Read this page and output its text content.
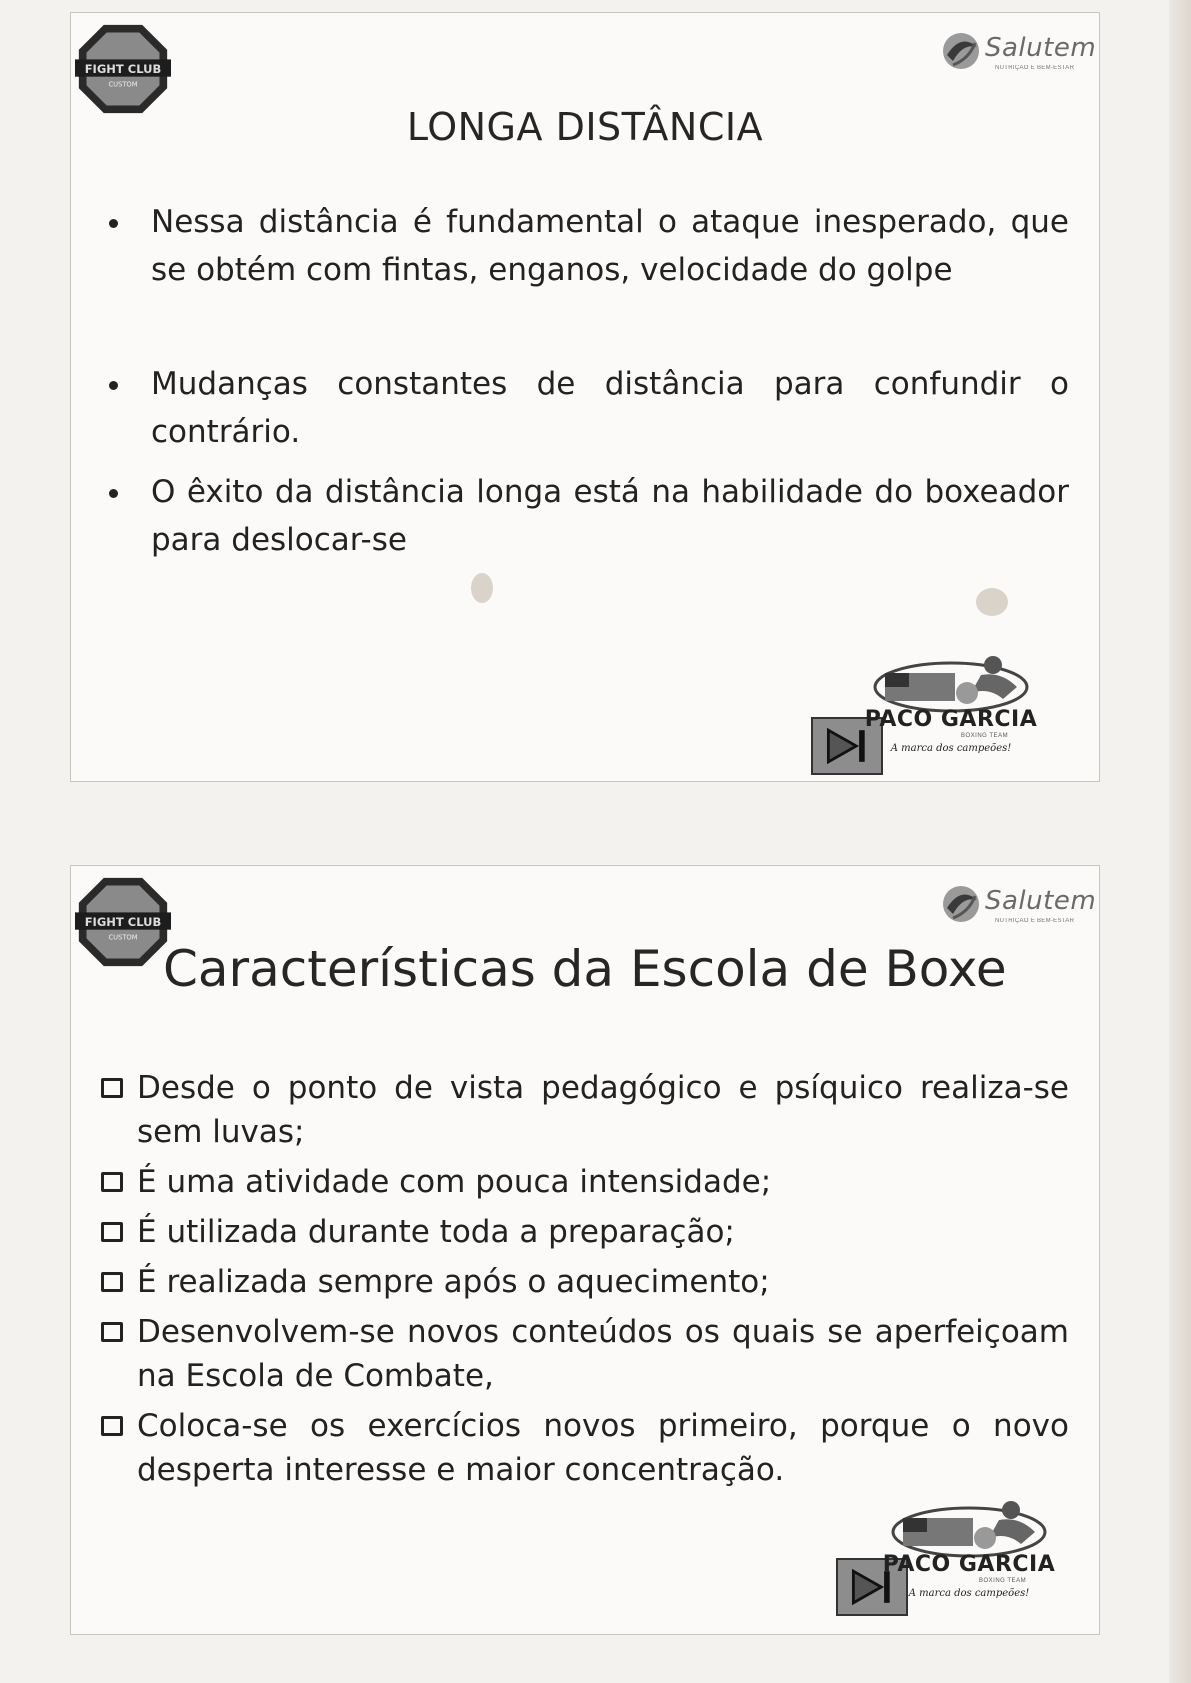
FIGHT CLUB
CUSTOM
Salutem
NUTRIÇÃO E BEM-ESTAR
LONGA DISTÂNCIA
Nessa distância é fundamental o ataque inesperado, que se obtém com fintas, enganos, velocidade do golpe
Mudanças constantes de distância para confundir o contrário.
O êxito da distância longa está na habilidade do boxeador para deslocar-se
PACO GARCIA
BOXING TEAM
A marca dos campeões!
FIGHT CLUB
CUSTOM
Salutem
NUTRIÇÃO E BEM-ESTAR
Características da Escola de Boxe
Desde o ponto de vista pedagógico e psíquico realiza-se sem luvas;
É uma atividade com pouca intensidade;
É utilizada durante toda a preparação;
É realizada sempre após o aquecimento;
Desenvolvem-se novos conteúdos os quais se aperfeiçoam na Escola de Combate,
Coloca-se os exercícios novos primeiro, porque o novo desperta interesse e maior concentração.
PACO GARCIA
BOXING TEAM
A marca dos campeões!
